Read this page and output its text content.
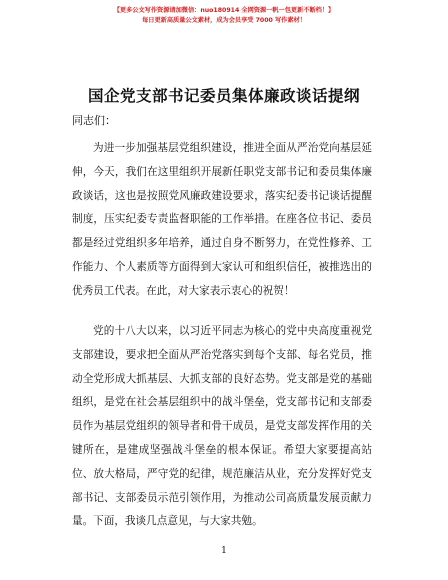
【更多公文写作资源请加微信：nuo180914 全网资源一帆一包更新不断档！】
每日更新高质量公文素材，成为会员享受 7000 写作素材！
国企党支部书记委员集体廉政谈话提纲
同志们：

为进一步加强基层党组织建设，推进全面从严治党向基层延伸，今天，我们在这里组织开展新任职党支部书记和委员集体廉政谈话，这也是按照党风廉政建设要求，落实纪委书记谈话提醒制度，压实纪委专责监督职能的工作举措。在座各位书记、委员都是经过党组织多年培养，通过自身不断努力，在党性修养、工作能力、个人素质等方面得到大家认可和组织信任，被推选出的优秀员工代表。在此，对大家表示衷心的祝贺！

党的十八大以来，以习近平同志为核心的党中央高度重视党支部建设，要求把全面从严治党落实到每个支部、每名党员，推动全党形成大抓基层、大抓支部的良好态势。党支部是党的基础组织，是党在社会基层组织中的战斗堡垒，党支部书记和支部委员作为基层党组织的领导者和骨干成员，是党支部发挥作用的关键所在，是建成坚强战斗堡垒的根本保证。希望大家要提高站位、放大格局，严守党的纪律，规范廉洁从业，充分发挥好党支部书记、支部委员示范引领作用，为推动公司高质量发展贡献力量。下面，我谈几点意见，与大家共勉。

1
